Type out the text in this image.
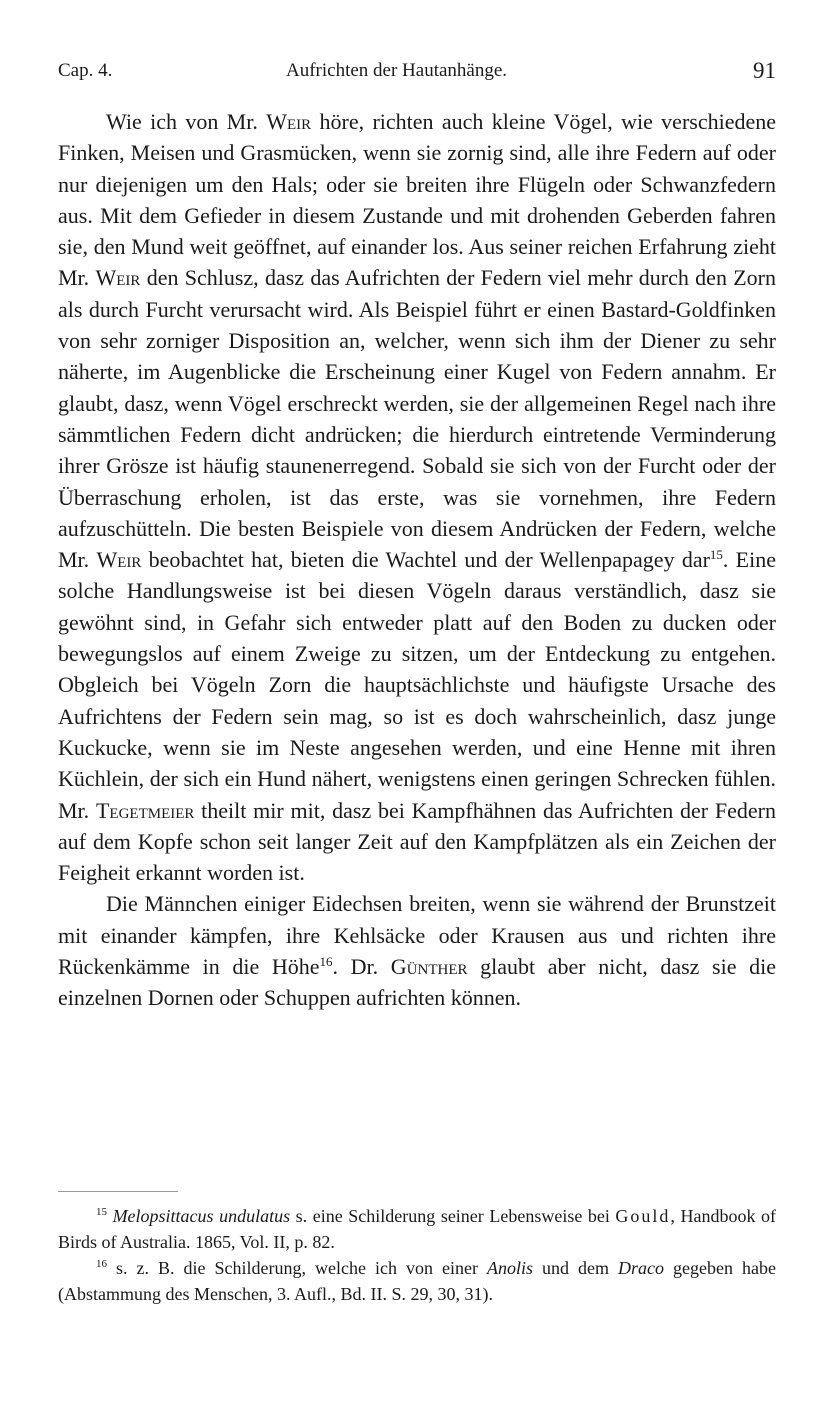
Cap. 4.	Aufrichten der Hautanhänge.	91

Wie ich von Mr. Weir höre, richten auch kleine Vögel, wie verschiedene Finken, Meisen und Grasmücken, wenn sie zornig sind, alle ihre Federn auf oder nur diejenigen um den Hals; oder sie breiten ihre Flügeln oder Schwanzfedern aus. Mit dem Gefieder in diesem Zustande und mit drohenden Geberden fahren sie, den Mund weit geöffnet, auf einander los. Aus seiner reichen Erfahrung zieht Mr. Weir den Schlusz, dasz das Aufrichten der Federn viel mehr durch den Zorn als durch Furcht verursacht wird. Als Beispiel führt er einen Bastard-Goldfinken von sehr zorniger Disposition an, welcher, wenn sich ihm der Diener zu sehr näherte, im Augenblicke die Erscheinung einer Kugel von Federn annahm. Er glaubt, dasz, wenn Vögel erschreckt werden, sie der allgemeinen Regel nach ihre sämmtlichen Federn dicht andrücken; die hierdurch eintretende Verminderung ihrer Grösze ist häufig staunenerregend. Sobald sie sich von der Furcht oder der Überraschung erholen, ist das erste, was sie vornehmen, ihre Federn aufzuschütteln. Die besten Beispiele von diesem Andrücken der Federn, welche Mr. Weir beobachtet hat, bieten die Wachtel und der Wellenpapagey dar$^{15}$. Eine solche Handlungsweise ist bei diesen Vögeln daraus verständlich, dasz sie gewöhnt sind, in Gefahr sich entweder platt auf den Boden zu ducken oder bewegungslos auf einem Zweige zu sitzen, um der Entdeckung zu entgehen. Obgleich bei Vögeln Zorn die hauptsächlichste und häufigste Ursache des Aufrichtens der Federn sein mag, so ist es doch wahrscheinlich, dasz junge Kuckucke, wenn sie im Neste angesehen werden, und eine Henne mit ihren Küchlein, der sich ein Hund nähert, wenigstens einen geringen Schrecken fühlen. Mr. Tegetmeier theilt mir mit, dasz bei Kampfhähnen das Aufrichten der Federn auf dem Kopfe schon seit langer Zeit auf den Kampfplätzen als ein Zeichen der Feigheit erkannt worden ist.

Die Männchen einiger Eidechsen breiten, wenn sie während der Brunstzeit mit einander kämpfen, ihre Kehlsäcke oder Krausen aus und richten ihre Rückenkämme in die Höhe$^{16}$. Dr. Günther glaubt aber nicht, dasz sie die einzelnen Dornen oder Schuppen aufrichten können.

$^{15}$ Melopsittacus undulatus s. eine Schilderung seiner Lebensweise bei Gould, Handbook of Birds of Australia. 1865, Vol. II, p. 82.

$^{16}$ s. z. B. die Schilderung, welche ich von einer Anolis und dem Draco gegeben habe (Abstammung des Menschen, 3. Aufl., Bd. II. S. 29, 30, 31).
